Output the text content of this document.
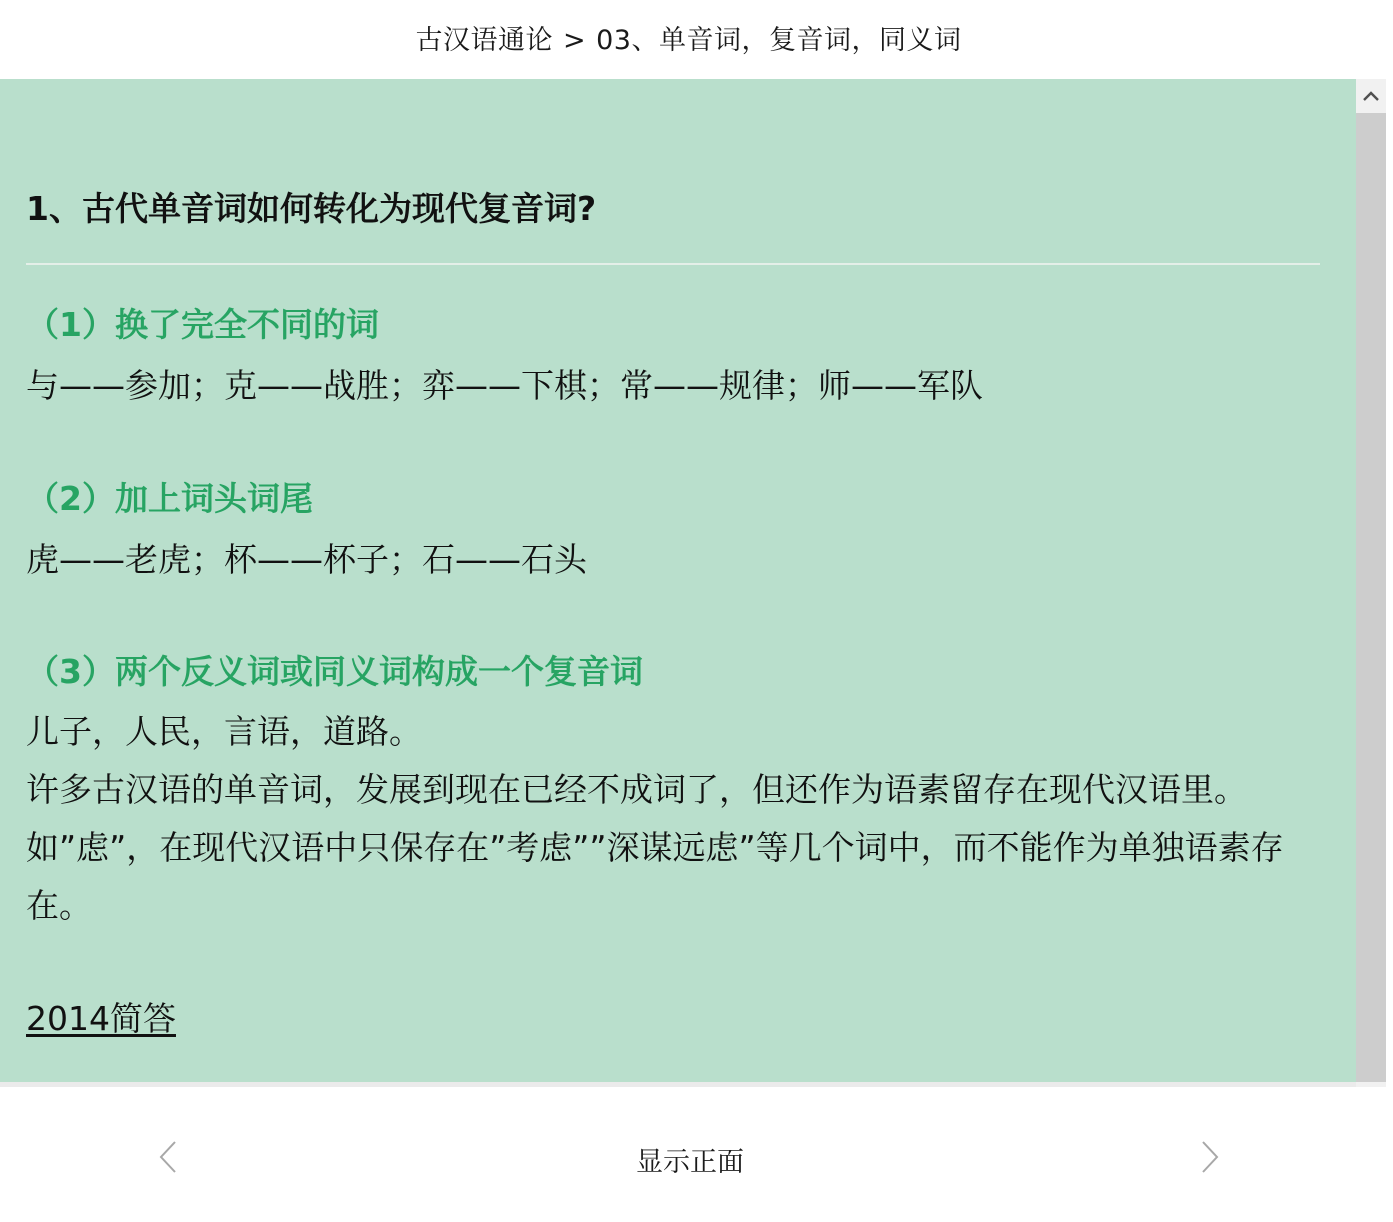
古汉语通论 > 03、单音词，复音词，同义词
1、古代单音词如何转化为现代复音词?
（1）换了完全不同的词
与——参加；克——战胜；弈——下棋；常——规律；师——军队
（2）加上词头词尾
虎——老虎；杯——杯子；石——石头
（3）两个反义词或同义词构成一个复音词
儿子，人民，言语，道路。
许多古汉语的单音词，发展到现在已经不成词了，但还作为语素留存在现代汉语里。如”虑”，在现代汉语中只保存在”考虑””深谋远虑”等几个词中，而不能作为单独语素存在。
2014简答
显示正面
